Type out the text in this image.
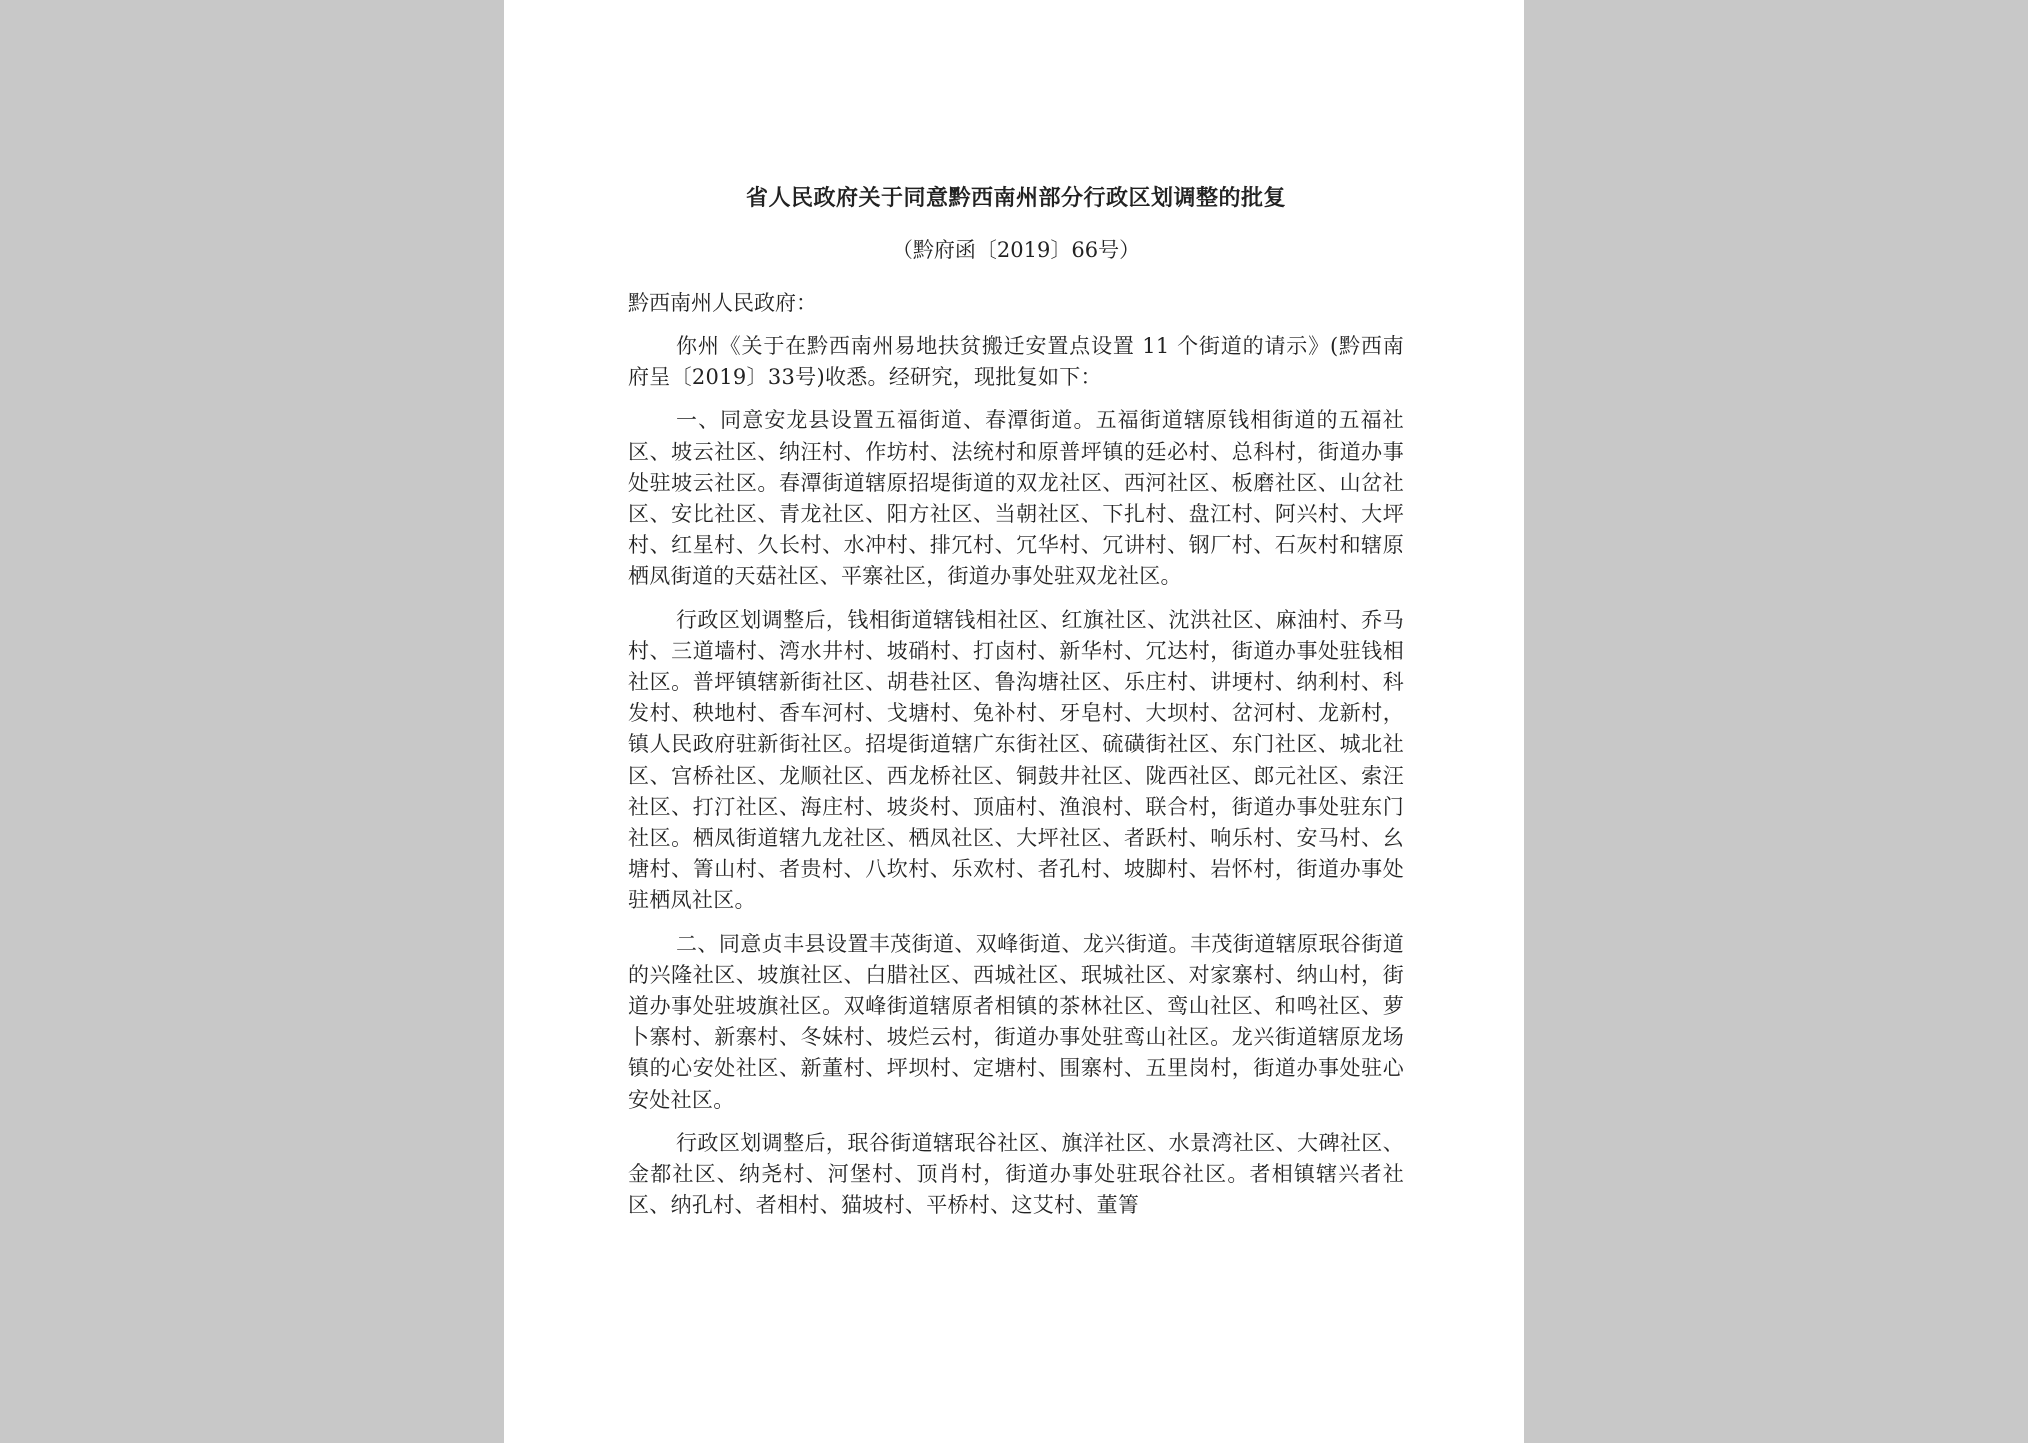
省人民政府关于同意黔西南州部分行政区划调整的批复
（黔府函〔2019〕66号）
黔西南州人民政府：

你州《关于在黔西南州易地扶贫搬迁安置点设置 11 个街道的请示》(黔西南府呈〔2019〕33号)收悉。经研究，现批复如下：

一、同意安龙县设置五福街道、春潭街道。五福街道辖原钱相街道的五福社区、坡云社区、纳汪村、作坊村、法统村和原普坪镇的廷必村、总科村，街道办事处驻坡云社区。春潭街道辖原招堤街道的双龙社区、西河社区、板磨社区、山岔社区、安比社区、青龙社区、阳方社区、当朝社区、下扎村、盘江村、阿兴村、大坪村、红星村、久长村、水冲村、排冗村、冗华村、冗讲村、钢厂村、石灰村和辖原栖凤街道的天菇社区、平寨社区，街道办事处驻双龙社区。

行政区划调整后，钱相街道辖钱相社区、红旗社区、沈洪社区、麻油村、乔马村、三道墙村、湾水井村、坡硝村、打卤村、新华村、冗达村，街道办事处驻钱相社区。普坪镇辖新街社区、胡巷社区、鲁沟塘社区、乐庄村、讲埂村、纳利村、科发村、秧地村、香车河村、戈塘村、兔补村、牙皂村、大坝村、岔河村、龙新村，镇人民政府驻新街社区。招堤街道辖广东街社区、硫磺街社区、东门社区、城北社区、宫桥社区、龙顺社区、西龙桥社区、铜鼓井社区、陇西社区、郎元社区、索汪社区、打汀社区、海庄村、坡炎村、顶庙村、渔浪村、联合村，街道办事处驻东门社区。栖凤街道辖九龙社区、栖凤社区、大坪社区、者跃村、响乐村、安马村、幺塘村、箐山村、者贵村、八坎村、乐欢村、者孔村、坡脚村、岩怀村，街道办事处驻栖凤社区。

二、同意贞丰县设置丰茂街道、双峰街道、龙兴街道。丰茂街道辖原珉谷街道的兴隆社区、坡旗社区、白腊社区、西城社区、珉城社区、对家寨村、纳山村，街道办事处驻坡旗社区。双峰街道辖原者相镇的茶林社区、鸾山社区、和鸣社区、萝卜寨村、新寨村、冬妹村、坡烂云村，街道办事处驻鸾山社区。龙兴街道辖原龙场镇的心安处社区、新董村、坪坝村、定塘村、围寨村、五里岗村，街道办事处驻心安处社区。

行政区划调整后，珉谷街道辖珉谷社区、旗洋社区、水景湾社区、大碑社区、金都社区、纳尧村、河堡村、顶肖村，街道办事处驻珉谷社区。者相镇辖兴者社区、纳孔村、者相村、猫坡村、平桥村、这艾村、董箐
